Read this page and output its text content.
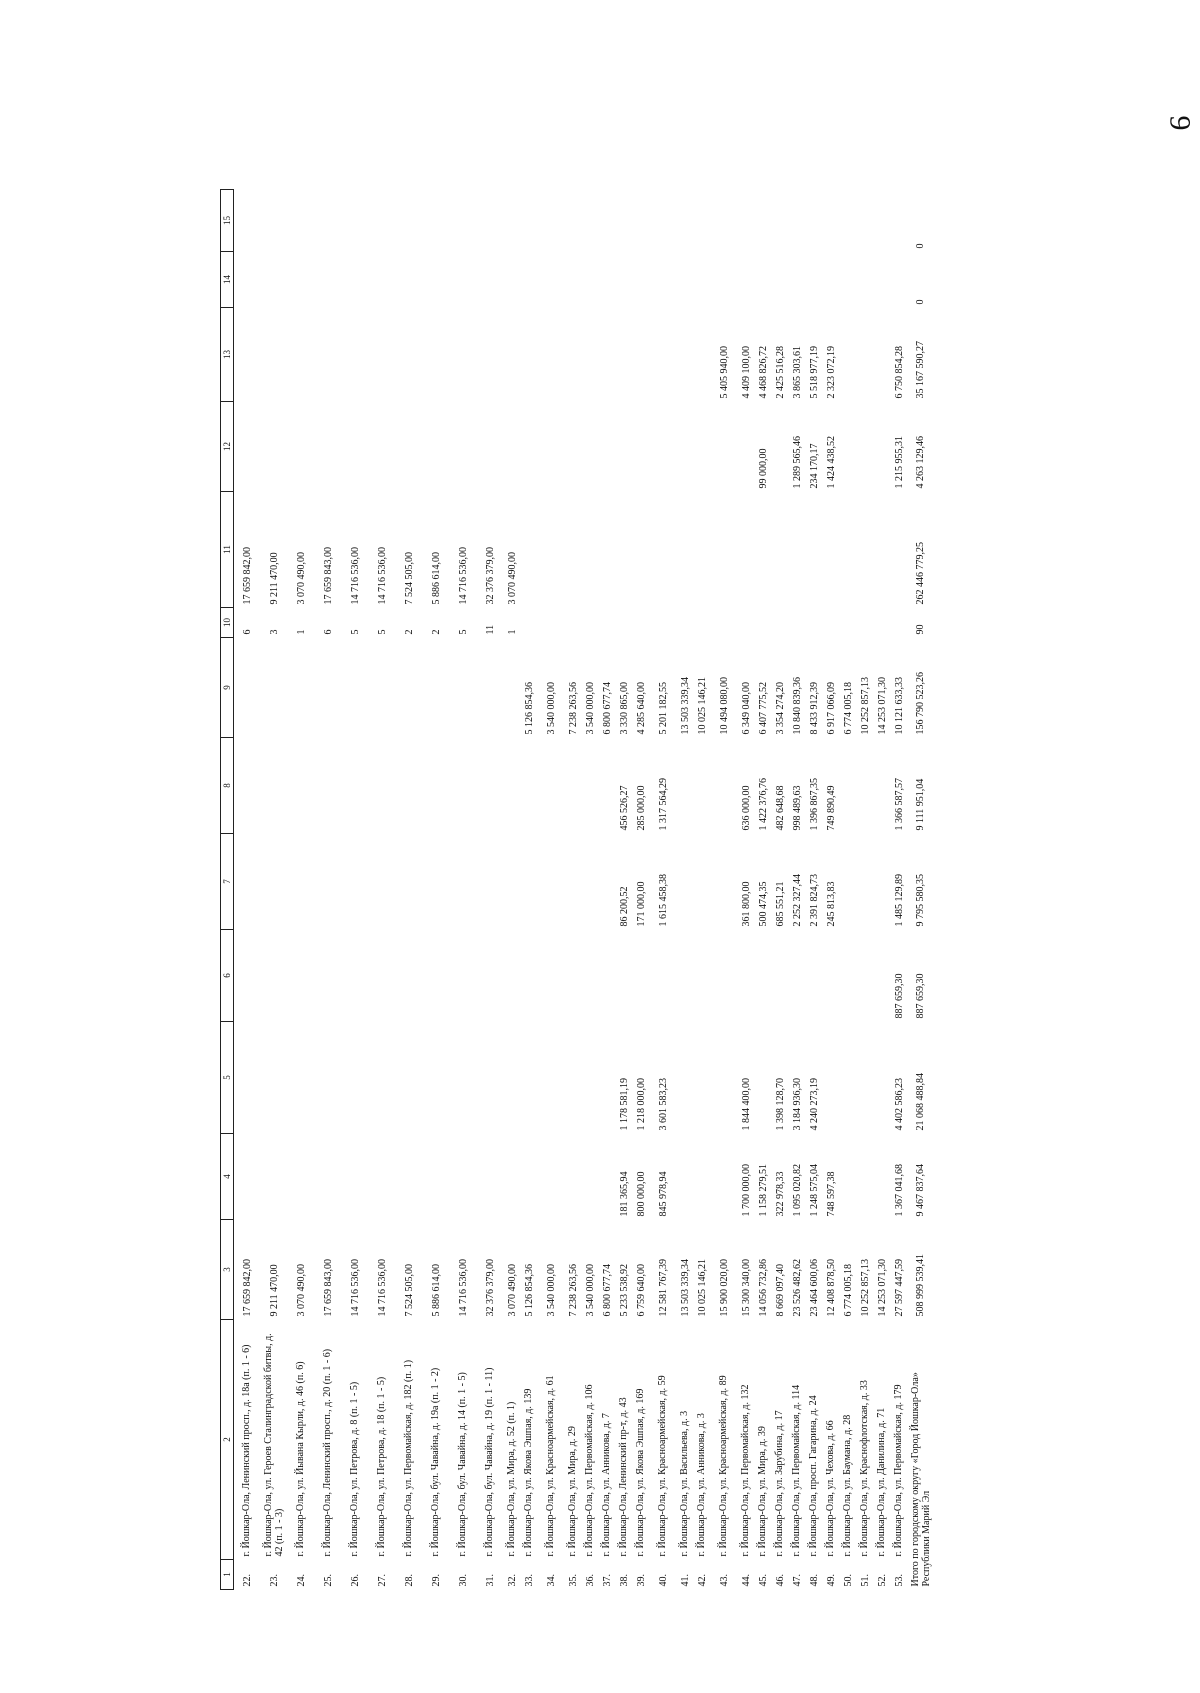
9
1	2	3	4	5	6	7	8	9	10	11	12	13	14	15
22.	г. Йошкар-Ола, Ленинский просп., д. 18а (п. 1 - 6)	17 659 842,00							6	17 659 842,00				
23.	г. Йошкар-Ола, ул. Героев Сталинградской битвы, д. 42 (п. 1 - 3)	9 211 470,00							3	9 211 470,00				
24.	г. Йошкар-Ола, ул. Йывана Кырли, д. 46 (п. 6)	3 070 490,00							1	3 070 490,00				
25.	г. Йошкар-Ола, Ленинский просп., д. 20 (п. 1 - 6)	17 659 843,00							6	17 659 843,00				
26.	г. Йошкар-Ола, ул. Петрова, д. 8 (п. 1 - 5)	14 716 536,00							5	14 716 536,00				
27.	г. Йошкар-Ола, ул. Петрова, д. 18 (п. 1 - 5)	14 716 536,00							5	14 716 536,00				
28.	г. Йошкар-Ола, ул. Первомайская, д. 182 (п. 1)	7 524 505,00							2	7 524 505,00				
29.	г. Йошкар-Ола, бул. Чавайна, д. 19а (п. 1 - 2)	5 886 614,00							2	5 886 614,00				
30.	г. Йошкар-Ола, бул. Чавайна, д. 14 (п. 1 - 5)	14 716 536,00							5	14 716 536,00				
31.	г. Йошкар-Ола, бул. Чавайна, д. 19 (п. 1 - 11)	32 376 379,00							11	32 376 379,00				
32.	г. Йошкар-Ола, ул. Мира, д. 52 (п. 1)	3 070 490,00							1	3 070 490,00				
33.	г. Йошкар-Ола, ул. Якова Эшпая, д. 139	5 126 854,36						5 126 854,36						
34.	г. Йошкар-Ола, ул. Красноармейская, д. 61	3 540 000,00						3 540 000,00						
35.	г. Йошкар-Ола, ул. Мира, д. 29	7 238 263,56						7 238 263,56						
36.	г. Йошкар-Ола, ул. Первомайская, д. 106	3 540 000,00						3 540 000,00						
37.	г. Йошкар-Ола, ул. Анникова, д. 7	6 800 677,74						6 800 677,74						
38.	г. Йошкар-Ола, Ленинский пр-т, д. 43	5 233 538,92	181 365,94	1 178 581,19		86 200,52	456 526,27	3 330 865,00						
39.	г. Йошкар-Ола, ул. Якова Эшпая, д. 169	6 759 640,00	800 000,00	1 218 000,00		171 000,00	285 000,00	4 285 640,00						
40.	г. Йошкар-Ола, ул. Красноармейская, д. 59	12 581 767,39	845 978,94	3 601 583,23		1 615 458,38	1 317 564,29	5 201 182,55						
41.	г. Йошкар-Ола, ул. Васильева, д. 3	13 503 339,34						13 503 339,34						
42.	г. Йошкар-Ола, ул. Анникова, д. 3	10 025 146,21						10 025 146,21						
43.	г. Йошкар-Ола, ул. Красноармейская, д. 89	15 900 020,00						10 494 080,00				5 405 940,00		
44.	г. Йошкар-Ола, ул. Первомайская, д. 132	15 300 340,00	1 700 000,00	1 844 400,00		361 800,00	636 000,00	6 349 040,00				4 409 100,00		
45.	г. Йошкар-Ола, ул. Мира, д. 39	14 056 732,86	1 158 279,51			500 474,35	1 422 376,76	6 407 775,52			99 000,00	4 468 826,72		
46.	г. Йошкар-Ола, ул. Зарубина, д. 17	8 669 097,40	322 978,33	1 398 128,70		685 551,21	482 648,68	3 354 274,20				2 425 516,28		
47.	г. Йошкар-Ола, ул. Первомайская, д. 114	23 526 482,62	1 095 020,82	3 184 936,30		2 252 327,44	998 489,63	10 840 839,36			1 289 565,46	3 865 303,61		
48.	г. Йошкар-Ола, просп. Гагарина, д. 24	23 464 600,06	1 248 575,04	4 240 273,19		2 391 824,73	1 396 867,35	8 433 912,39			234 170,17	5 518 977,19		
49.	г. Йошкар-Ола, ул. Чехова, д. 66	12 408 878,50	748 597,38			245 813,83	749 890,49	6 917 066,09			1 424 438,52	2 323 072,19		
50.	г. Йошкар-Ола, ул. Баумана, д. 28	6 774 005,18						6 774 005,18						
51.	г. Йошкар-Ола, ул. Краснофлотская, д. 33	10 252 857,13						10 252 857,13						
52.	г. Йошкар-Ола, ул. Данилина, д. 71	14 253 071,30						14 253 071,30						
53.	г. Йошкар-Ола, ул. Первомайская, д. 179	27 597 447,59	1 367 041,68	4 402 586,23	887 659,30	1 485 129,89	1 366 587,57	10 121 633,33			1 215 955,31	6 750 854,28		
Итого по городскому округу «Город Йошкар-Ола» Республики Марий Эл		508 999 539,41	9 467 837,64	21 068 488,84	887 659,30	9 795 580,35	9 111 951,04	156 790 523,26	90	262 446 779,25	4 263 129,46	35 167 590,27	0	0
